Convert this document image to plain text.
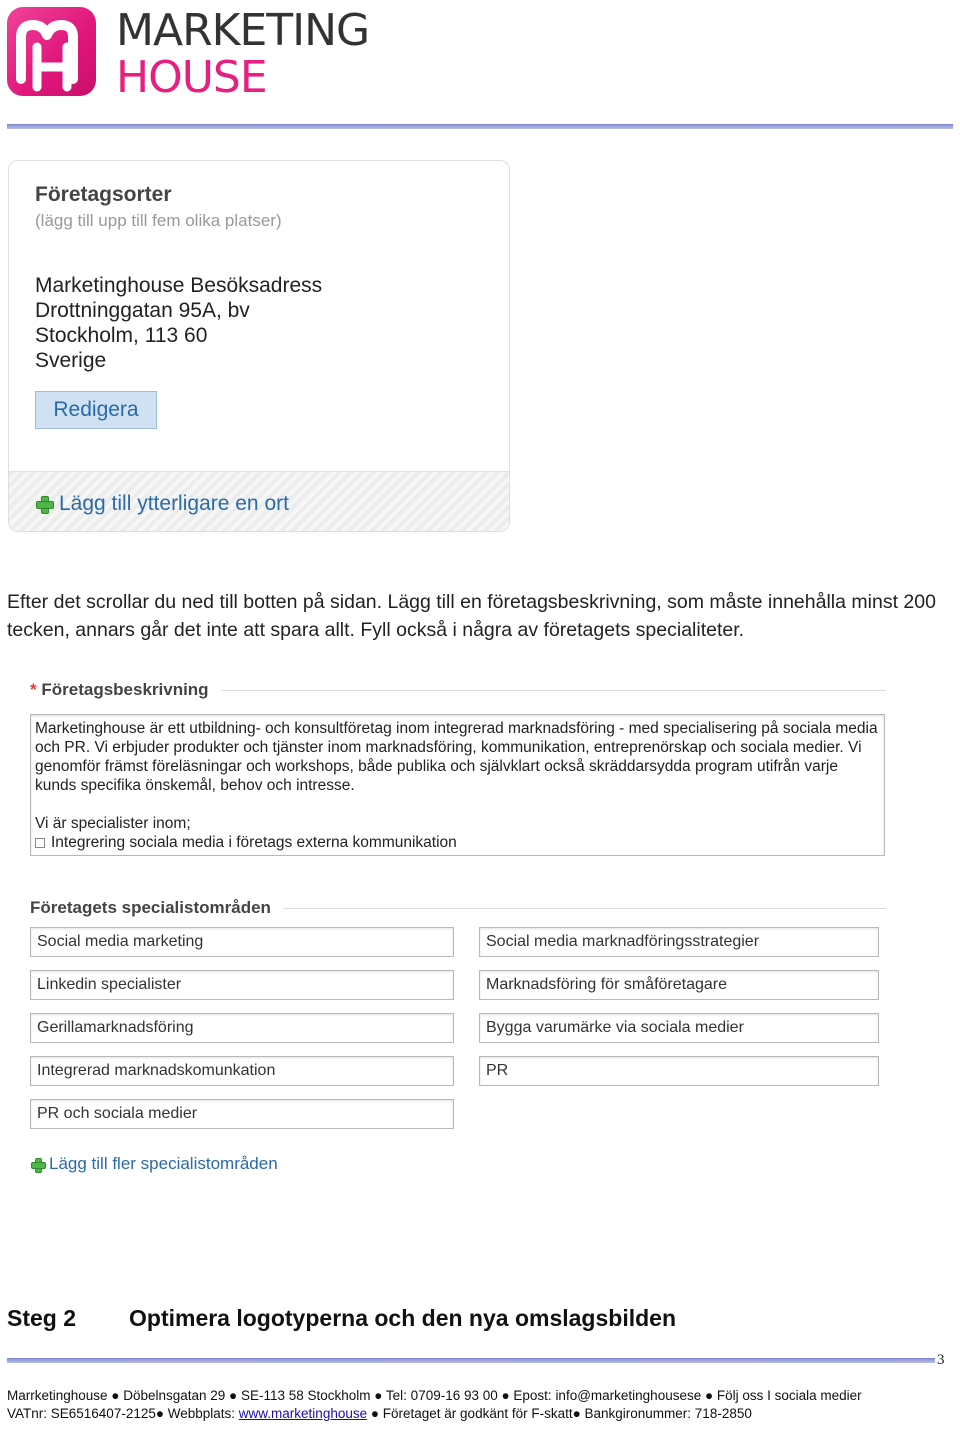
MARKETING
HOUSE
Företagsorter
(lägg till upp till fem olika platser)
Marketinghouse Besöksadress
Drottninggatan 95A, bv
Stockholm, 113 60
Sverige
Redigera
Lägg till ytterligare en ort
Efter det scrollar du ned till botten på sidan. Lägg till en företagsbeskrivning, som måste innehålla minst 200 tecken, annars går det inte att spara allt. Fyll också i några av företagets specialiteter.
* Företagsbeskrivning

Marketinghouse är ett utbildning- och konsultföretag inom integrerad marknadsföring - med specialisering på sociala media och PR. Vi erbjuder produkter och tjänster inom marknadsföring, kommunikation, entreprenörskap och sociala medier. Vi genomför främst föreläsningar och workshops, både publika och självklart också skräddarsydda program utifrån varje kunds specifika önskemål, behov och intresse.

Vi är specialister inom;

Integrering sociala media i företags externa kommunikation

Företagets specialistområden
Social media marketing
Linkedin specialister
Gerillamarknadsföring
Integrerad marknadskomunkation
PR och sociala medier
Social media marknadföringsstrategier
Marknadsföring för småföretagare
Bygga varumärke via sociala medier
PR
Lägg till fler specialistområden
Steg 2 Optimera logotyperna och den nya omslagsbilden
3
Marrketinghouse ● Döbelnsgatan 29 ● SE-113 58 Stockholm ● Tel: 0709-16 93 00 ● Epost: info@marketinghousese ● Följ oss I sociala medier
VATnr: SE6516407-2125● Webbplats: www.marketinghouse ● Företaget är godkänt för F-skatt● Bankgironummer: 718-2850
